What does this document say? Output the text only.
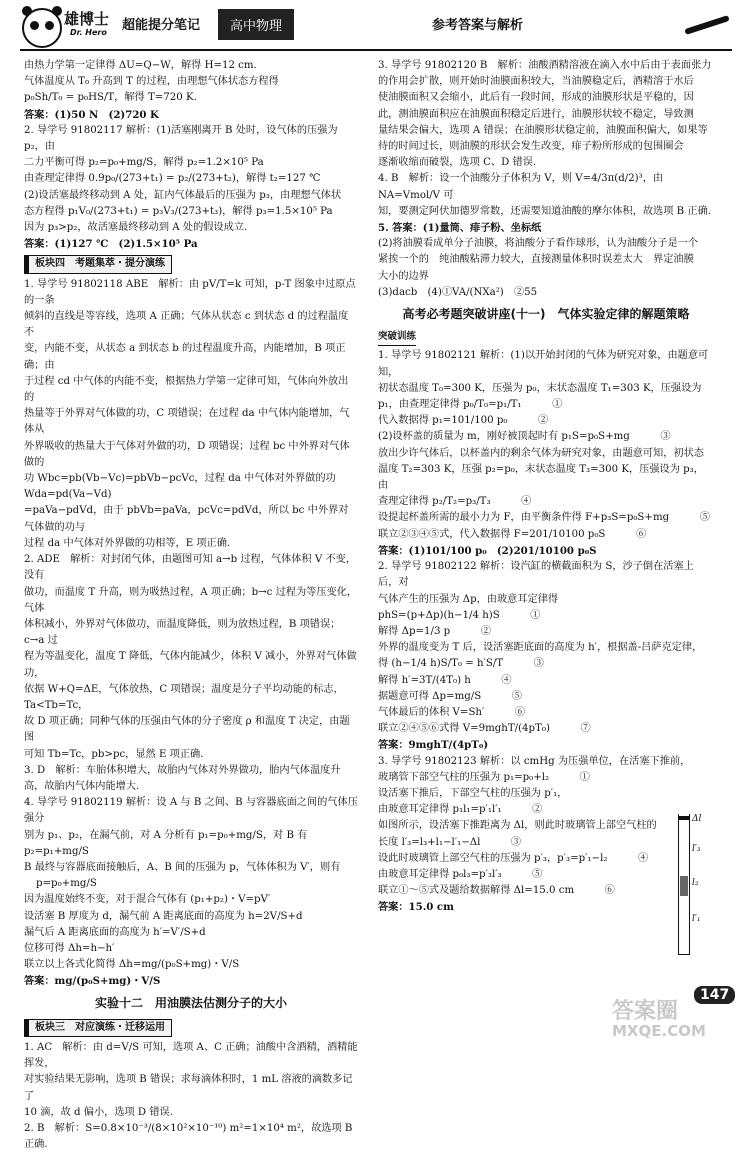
雄博士
Dr. Hero 超能提分笔记	高中物理	参考答案与解析

由热力学第一定律得 ΔU=Q−W，解得 H=12 cm.

气体温度从 T₀ 升高到 T 的过程，由理想气体状态方程得

p₀Sh/T₀ = p₀HS/T，解得 T=720 K.

答案：(1)50 N　(2)720 K

2. 导学号 91802117 解析：(1)活塞刚离开 B 处时，设气体的压强为 p₂，由

二力平衡可得 p₂=p₀+mg/S，解得 p₂=1.2×10⁵ Pa

由查理定律得 0.9p₀/(273+t₁) = p₂/(273+t₂)，解得 t₂=127 ℃

(2)设活塞最终移动到 A 处，缸内气体最后的压强为 p₃，由理想气体状

态方程得 p₁V₀/(273+t₁) = p₃V₃/(273+t₃)，解得 p₃=1.5×10⁵ Pa

因为 p₃>p₂，故活塞最终移动到 A 处的假设成立.

答案：(1)127 ℃　(2)1.5×10⁵ Pa

板块四　考题集萃・提分演练

1. 导学号 91802118 ABE　解析：由 pV/T=k 可知，p-T 图象中过原点的一条

倾斜的直线是等容线，选项 A 正确；气体从状态 c 到状态 d 的过程温度不

变，内能不变，从状态 a 到状态 b 的过程温度升高，内能增加，B 项正确；由

于过程 cd 中气体的内能不变，根据热力学第一定律可知，气体向外放出的

热量等于外界对气体做的功，C 项错误；在过程 da 中气体内能增加，气体从

外界吸收的热量大于气体对外做的功，D 项错误；过程 bc 中外界对气体做的

功 Wbc=pb(Vb−Vc)=pbVb−pcVc，过程 da 中气体对外界做的功 Wda=pd(Va−Vd)

=paVa−pdVd，由于 pbVb=paVa，pcVc=pdVd，所以 bc 中外界对气体做的功与

过程 da 中气体对外界做的功相等，E 项正确.

2. ADE　解析：对封闭气体，由题图可知 a→b 过程，气体体积 V 不变，没有

做功，而温度 T 升高，则为吸热过程，A 项正确；b→c 过程为等压变化，气体

体积减小，外界对气体做功，而温度降低，则为放热过程，B 项错误；c→a 过

程为等温变化，温度 T 降低，气体内能减少，体积 V 减小，外界对气体做功，

依据 W+Q=ΔE，气体放热，C 项错误；温度是分子平均动能的标志，Ta<Tb=Tc，

故 D 项正确；同种气体的压强由气体的分子密度 ρ 和温度 T 决定，由题图

可知 Tb=Tc，pb>pc，显然 E 项正确.

3. D　解析：车胎体积增大，故胎内气体对外界做功，胎内气体温度升高，故胎内气体内能增大.

4. 导学号 91802119 解析：设 A 与 B 之间、B 与容器底面之间的气体压强分

别为 p₁、p₂，在漏气前，对 A 分析有 p₁=p₀+mg/S，对 B 有 p₂=p₁+mg/S

B 最终与容器底面接触后，A、B 间的压强为 p，气体体积为 V′，则有

p=p₀+mg/S

因为温度始终不变，对于混合气体有 (p₁+p₂)・V=pV′

设活塞 B 厚度为 d，漏气前 A 距离底面的高度为 h=2V/S+d

漏气后 A 距离底面的高度为 h′=V′/S+d

位移可得 Δh=h−h′

联立以上各式化简得 Δh=mg/(p₀S+mg)・V/S

答案：mg/(p₀S+mg)・V/S

实验十二　用油膜法估测分子的大小

板块三　对应演练・迁移运用

1. AC　解析：由 d=V/S 可知，选项 A、C 正确；油酸中含酒精，酒精能挥发，

对实验结果无影响，选项 B 错误；求每滴体积时，1 mL 溶液的滴数多记了

10 滴，故 d 偏小，选项 D 错误.

2. B　解析：S=0.8×10⁻³/(8×10²×10⁻¹⁰) m²=1×10⁴ m²，故选项 B 正确.

3. 导学号 91802120 B　解析：油酸酒精溶液在滴入水中后由于表面张力

的作用会扩散，则开始时油膜面积较大，当油膜稳定后，酒精溶于水后

使油膜面积又会缩小，此后有一段时间，形成的油膜形状是平稳的，因

此，测油膜面积应在油膜面积稳定后进行，油膜形状较不稳定，导致测

量结果会偏大，选项 A 错误；在油膜形状稳定前，油膜面积偏大，如果等

待的时间过长，则油膜的形状会发生改变，痱子粉所形成的包围圈会

逐渐收缩而破裂，选项 C、D 错误.

4. B　解析：设一个油酸分子体积为 V，则 V=4/3π(d/2)³，由 NA=Vmol/V 可

知，要测定阿伏加德罗常数，还需要知道油酸的摩尔体积，故选项 B 正确.

5. 答案：(1)量筒、痱子粉、坐标纸

(2)将油膜看成单分子油膜，将油酸分子看作球形，认为油酸分子是一个

紧挨一个的　纯油酸粘滞力较大，直接测量体积时误差太大　界定油膜

大小的边界

(3)dacb　(4)①VA/(NXa²)　②55

高考必考题突破讲座(十一)　气体实验定律的解题策略

突破训练

1. 导学号 91802121 解析：(1)以开始封闭的气体为研究对象，由题意可知，

初状态温度 T₀=300 K，压强为 p₀，末状态温度 T₁=303 K，压强设为

p₁，由查理定律得 p₀/T₀=p₁/T₁　　　①

代入数据得 p₁=101/100 p₀　　　②

(2)设杯盖的质量为 m，刚好被顶起时有 p₁S=p₀S+mg　　　③

放出少许气体后，以杯盖内的剩余气体为研究对象，由题意可知，初状态

温度 T₂=303 K，压强 p₂=p₀，末状态温度 T₃=300 K，压强设为 p₃，由

查理定律得 p₂/T₂=p₃/T₃　　　④

设提起杯盖所需的最小力为 F，由平衡条件得 F+p₃S=p₀S+mg　　　⑤

联立②③④⑤式，代入数据得 F=201/10100 p₀S　　　⑥

答案：(1)101/100 p₀　(2)201/10100 p₀S

2. 导学号 91802122 解析：设汽缸的横截面积为 S，沙子倒在活塞上后，对

气体产生的压强为 Δp，由玻意耳定律得

phS=(p+Δp)(h−1/4 h)S　　　①

解得 Δp=1/3 p　　　②

外界的温度变为 T 后，设活塞距底面的高度为 h′，根据盖-吕萨克定律，

得 (h−1/4 h)S/T₀ = h′S/T　　　③

解得 h′=3T/(4T₀) h　　　④

据题意可得 Δp=mg/S　　　⑤

气体最后的体积 V=Sh′　　　⑥

联立②④⑤⑥式得 V=9mghT/(4pT₀)　　　⑦

答案：9mghT/(4pT₀)

3. 导学号 91802123 解析：以 cmHg 为压强单位，在活塞下推前，

玻璃管下部空气柱的压强为 p₁=p₀+l₂　　　①

设活塞下推后，下部空气柱的压强为 p′₁，

由玻意耳定律得 p₁l₁=p′₁l′₁　　　②

如图所示，设活塞下推距离为 Δl，则此时玻璃管上部空气柱的

长度 l′₃=l₃+l₁−l′₁−Δl　　　③

设此时玻璃管上部空气柱的压强为 p′₃，p′₃=p′₁−l₂　　　④

由玻意耳定律得 p₀l₃=p′₃l′₃　　　⑤

联立①～⑤式及题给数据解得 Δl=15.0 cm　　　⑥

答案：15.0 cm

Δl
l′₃
l₂
l′₁
答案圈
MXQE.COM
147
